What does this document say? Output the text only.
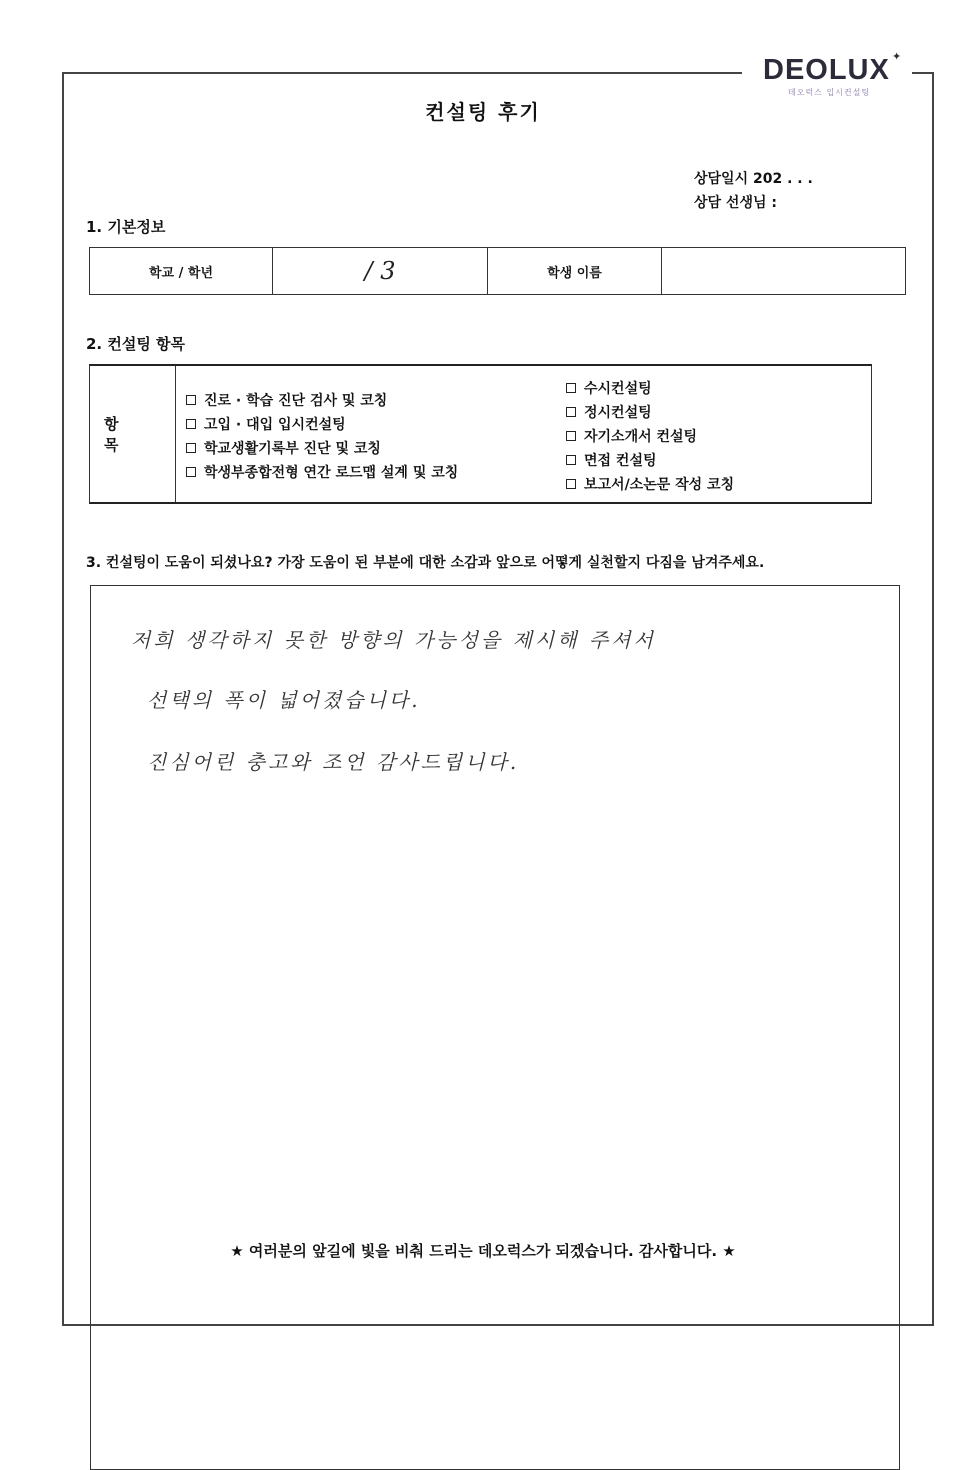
DEOLUX ✦
데오럭스 입시컨설팅
컨설팅 후기
상담일시 202 . . .
상담 선생님 :
1. 기본정보
학교 / 학년	/ 3	학생 이름	
2. 컨설팅 항목
항 목
진로 · 학습 진단 검사 및 코칭
고입 · 대입 입시컨설팅
학교생활기록부 진단 및 코칭
학생부종합전형 연간 로드맵 설계 및 코칭
수시컨설팅
정시컨설팅
자기소개서 컨설팅
면접 컨설팅
보고서/소논문 작성 코칭
3. 컨설팅이 도움이 되셨나요? 가장 도움이 된 부분에 대한 소감과 앞으로 어떻게 실천할지 다짐을 남겨주세요.
저희 생각하지 못한 방향의 가능성을 제시해 주셔서
선택의 폭이 넓어졌습니다.
진심어린 충고와 조언 감사드립니다.
★ 여러분의 앞길에 빛을 비춰 드리는 데오럭스가 되겠습니다. 감사합니다. ★
